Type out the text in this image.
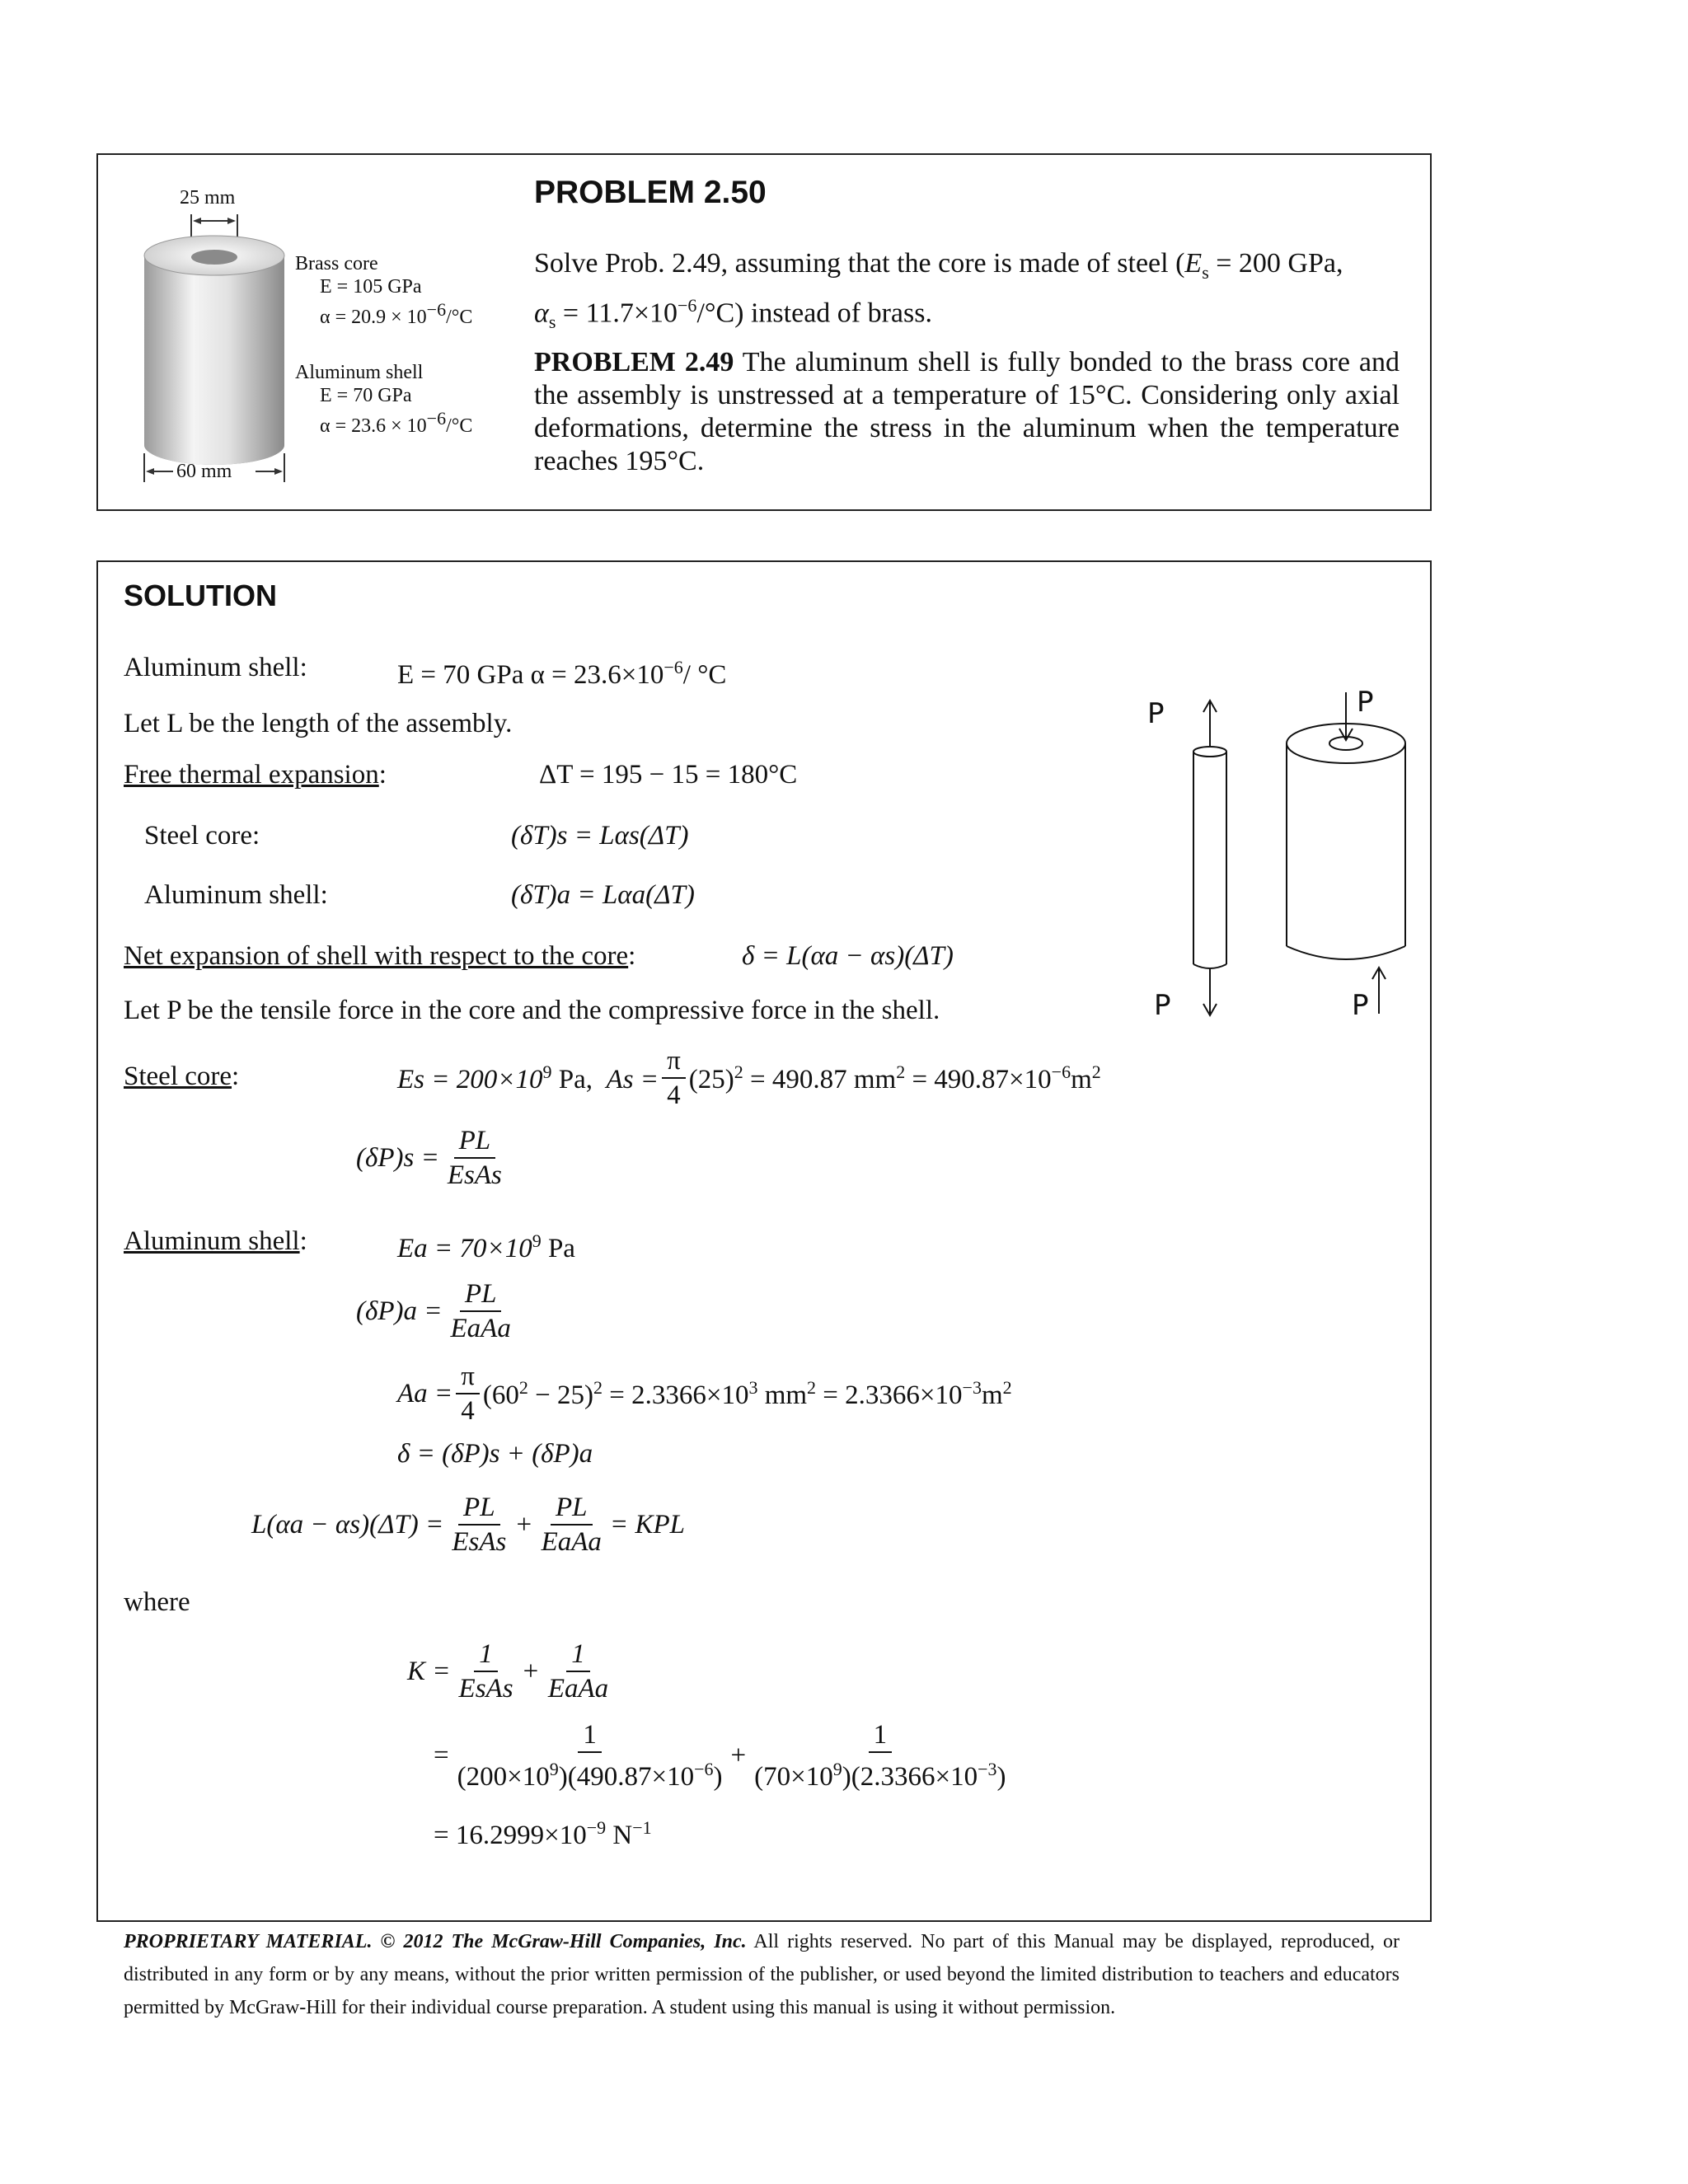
25 mm
60 mm
Brass core
E = 105 GPa
$\alpha = 20.9 \times 10^{-6}/^\circ C$
Aluminum shell
E = 70 GPa
$\alpha = 23.6 \times 10^{-6}/^\circ C$
PROBLEM 2.50
Solve Prob. 2.49, assuming that the core is made of steel ($E_s = 200$ GPa,
$\alpha_s = 11.7\times 10^{-6}/^\circ C$) instead of brass.
PROBLEM 2.49 The aluminum shell is fully bonded to the brass core and the assembly is unstressed at a temperature of 15°C. Considering only axial deformations, determine the stress in the aluminum when the temperature reaches 195°C.
SOLUTION
Aluminum shell:	E = 70 GPa $\alpha = 23.6\times 10^{-6}/$ °C
Let L be the length of the assembly.
Free thermal expansion:	ΔT = 195 − 15 = 180°C
Steel core:	(δT)s = Lαs(ΔT)
Aluminum shell:	(δT)a = Lαa(ΔT)
Net expansion of shell with respect to the core:	δ = L(αa − αs)(ΔT)
Let P be the tensile force in the core and the compressive force in the shell.
Steel core:	$Es = 200\times 10^9$ Pa, $As = \frac{\pi}{4} (25)^2 = 490.87$ $mm^2 = 490.87\times 10^{-6}m^2$
$(\delta P)s = \frac{PL}{\text{EsAs}}$
Aluminum shell:	$Ea = 70\times 10^9$ Pa
$(\delta P)a = \frac{PL}{\text{EaAa}}$
$Aa = \frac{\pi}{4} (60^2 - 25)^2 = 2.3366\times 10^3$ $mm^2 = 2.3366\times 10^{-3}m^2$
δ = (δP)s + (δP)a
$L(\alpha a - \alpha s)(\Delta T) = \frac{PL}{\text{EsAs}} + \frac{PL}{\text{EaAa}}$ = KPL
where
$K = \frac{1}{\text{EsAs}} + \frac{1}{\text{EaAa}}$
= $\frac{1}{(200\times 10^9)(490.87\times 10^{-6})} + \frac{1}{(70\times 10^9)(2.3366\times 10^{-3})}$
= $16.2999\times 10^{-9}$ $N^{-1}$
P	P
P	P
PROPRIETARY MATERIAL. © 2012 The McGraw-Hill Companies, Inc. All rights reserved. No part of this Manual may be displayed, reproduced, or distributed in any form or by any means, without the prior written permission of the publisher, or used beyond the limited distribution to teachers and educators permitted by McGraw-Hill for their individual course preparation. A student using this manual is using it without permission.
